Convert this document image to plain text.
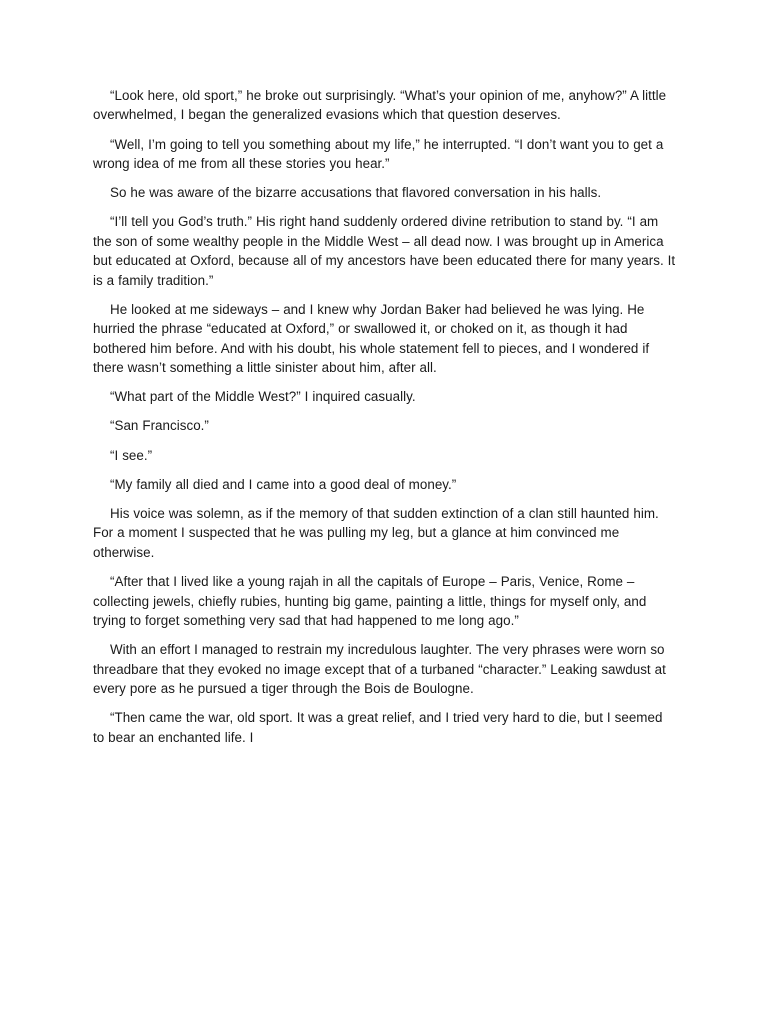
“Look here, old sport,” he broke out surprisingly. “What’s your opinion of me, anyhow?” A little overwhelmed, I began the generalized evasions which that question deserves.

“Well, I’m going to tell you something about my life,” he interrupted. “I don’t want you to get a wrong idea of me from all these stories you hear.”

So he was aware of the bizarre accusations that flavored conversation in his halls.

“I’ll tell you God’s truth.” His right hand suddenly ordered divine retribution to stand by. “I am the son of some wealthy people in the Middle West – all dead now. I was brought up in America but educated at Oxford, because all of my ancestors have been educated there for many years. It is a family tradition.”

He looked at me sideways – and I knew why Jordan Baker had believed he was lying. He hurried the phrase “educated at Oxford,” or swallowed it, or choked on it, as though it had bothered him before. And with his doubt, his whole statement fell to pieces, and I wondered if there wasn’t something a little sinister about him, after all.

“What part of the Middle West?” I inquired casually.

“San Francisco.”

“I see.”

“My family all died and I came into a good deal of money.”

His voice was solemn, as if the memory of that sudden extinction of a clan still haunted him. For a moment I suspected that he was pulling my leg, but a glance at him convinced me otherwise.

“After that I lived like a young rajah in all the capitals of Europe – Paris, Venice, Rome – collecting jewels, chiefly rubies, hunting big game, painting a little, things for myself only, and trying to forget something very sad that had happened to me long ago.”

With an effort I managed to restrain my incredulous laughter. The very phrases were worn so threadbare that they evoked no image except that of a turbaned “character.” Leaking sawdust at every pore as he pursued a tiger through the Bois de Boulogne.

“Then came the war, old sport. It was a great relief, and I tried very hard to die, but I seemed to bear an enchanted life. I
